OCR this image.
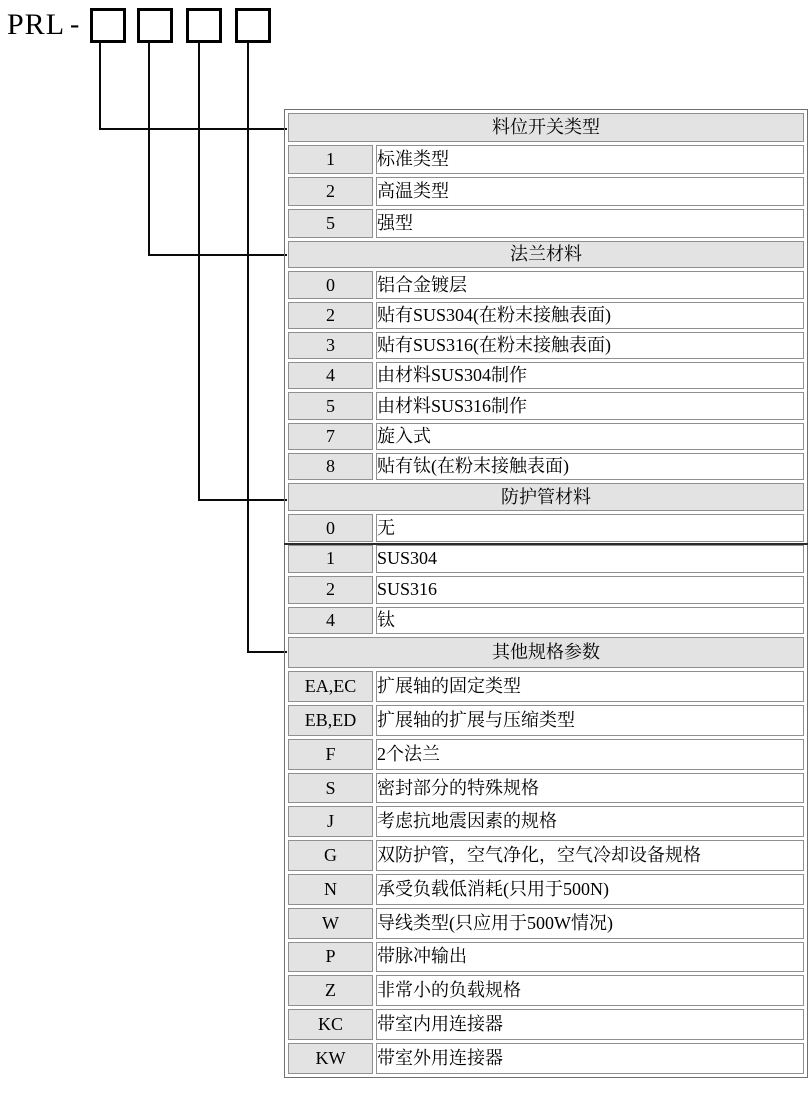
PRL -
料位开关类型	
1	标准类型
2	高温类型
5	强型
法兰材料	
0	铝合金镀层
2	贴有SUS304(在粉末接触表面)
3	贴有SUS316(在粉末接触表面)
4	由材料SUS304制作
5	由材料SUS316制作
7	旋入式
8	贴有钛(在粉末接触表面)
防护管材料	
0	无
1	SUS304
2	SUS316
4	钛
其他规格参数	
EA,EC	扩展轴的固定类型
EB,ED	扩展轴的扩展与压缩类型
F	2个法兰
S	密封部分的特殊规格
J	考虑抗地震因素的规格
G	双防护管，空气净化，空气冷却设备规格
N	承受负载低消耗(只用于500N)
W	导线类型(只应用于500W情况)
P	带脉冲输出
Z	非常小的负载规格
KC	带室内用连接器
KW	带室外用连接器
